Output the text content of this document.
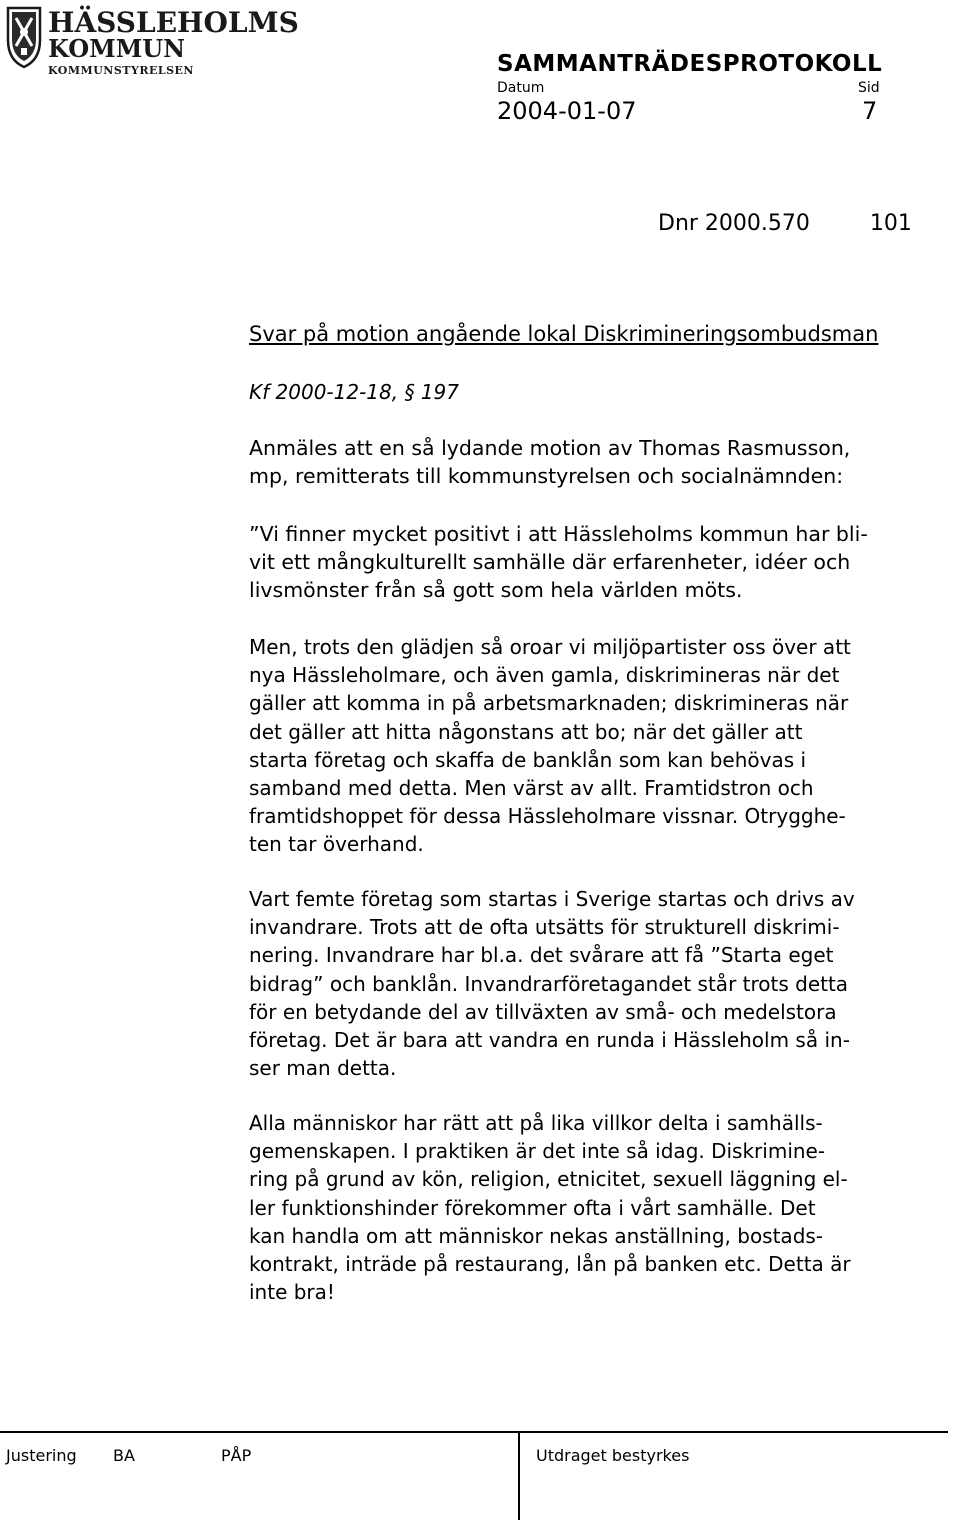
HÄSSLEHOLMS
KOMMUN
KOMMUNSTYRELSEN	SAMMANTRÄDESPROTOKOLL
Datum	Sid
2004-01-07	7
Dnr 2000.570	101
Svar på motion angående lokal Diskrimineringsombudsman
Kf 2000-12-18, § 197

Anmäles att en så lydande motion av Thomas Rasmusson,
mp, remitterats till kommunstyrelsen och socialnämnden:

”Vi finner mycket positivt i att Hässleholms kommun har bli-
vit ett mångkulturellt samhälle där erfarenheter, idéer och
livsmönster från så gott som hela världen möts.

Men, trots den glädjen så oroar vi miljöpartister oss över att
nya Hässleholmare, och även gamla, diskrimineras när det
gäller att komma in på arbetsmarknaden; diskrimineras när
det gäller att hitta någonstans att bo; när det gäller att
starta företag och skaffa de banklån som kan behövas i
samband med detta. Men värst av allt. Framtidstron och
framtidshoppet för dessa Hässleholmare vissnar. Otrygghe-
ten tar överhand.

Vart femte företag som startas i Sverige startas och drivs av
invandrare. Trots att de ofta utsätts för strukturell diskrimi-
nering. Invandrare har bl.a. det svårare att få ”Starta eget
bidrag” och banklån. Invandrarföretagandet står trots detta
för en betydande del av tillväxten av små- och medelstora
företag. Det är bara att vandra en runda i Hässleholm så in-
ser man detta.

Alla människor har rätt att på lika villkor delta i samhälls-
gemenskapen. I praktiken är det inte så idag. Diskrimine-
ring på grund av kön, religion, etnicitet, sexuell läggning el-
ler funktionshinder förekommer ofta i vårt samhälle. Det
kan handla om att människor nekas anställning, bostads-
kontrakt, inträde på restaurang, lån på banken etc. Detta är
inte bra!

Justering BA	PÅP	Utdraget bestyrkes
